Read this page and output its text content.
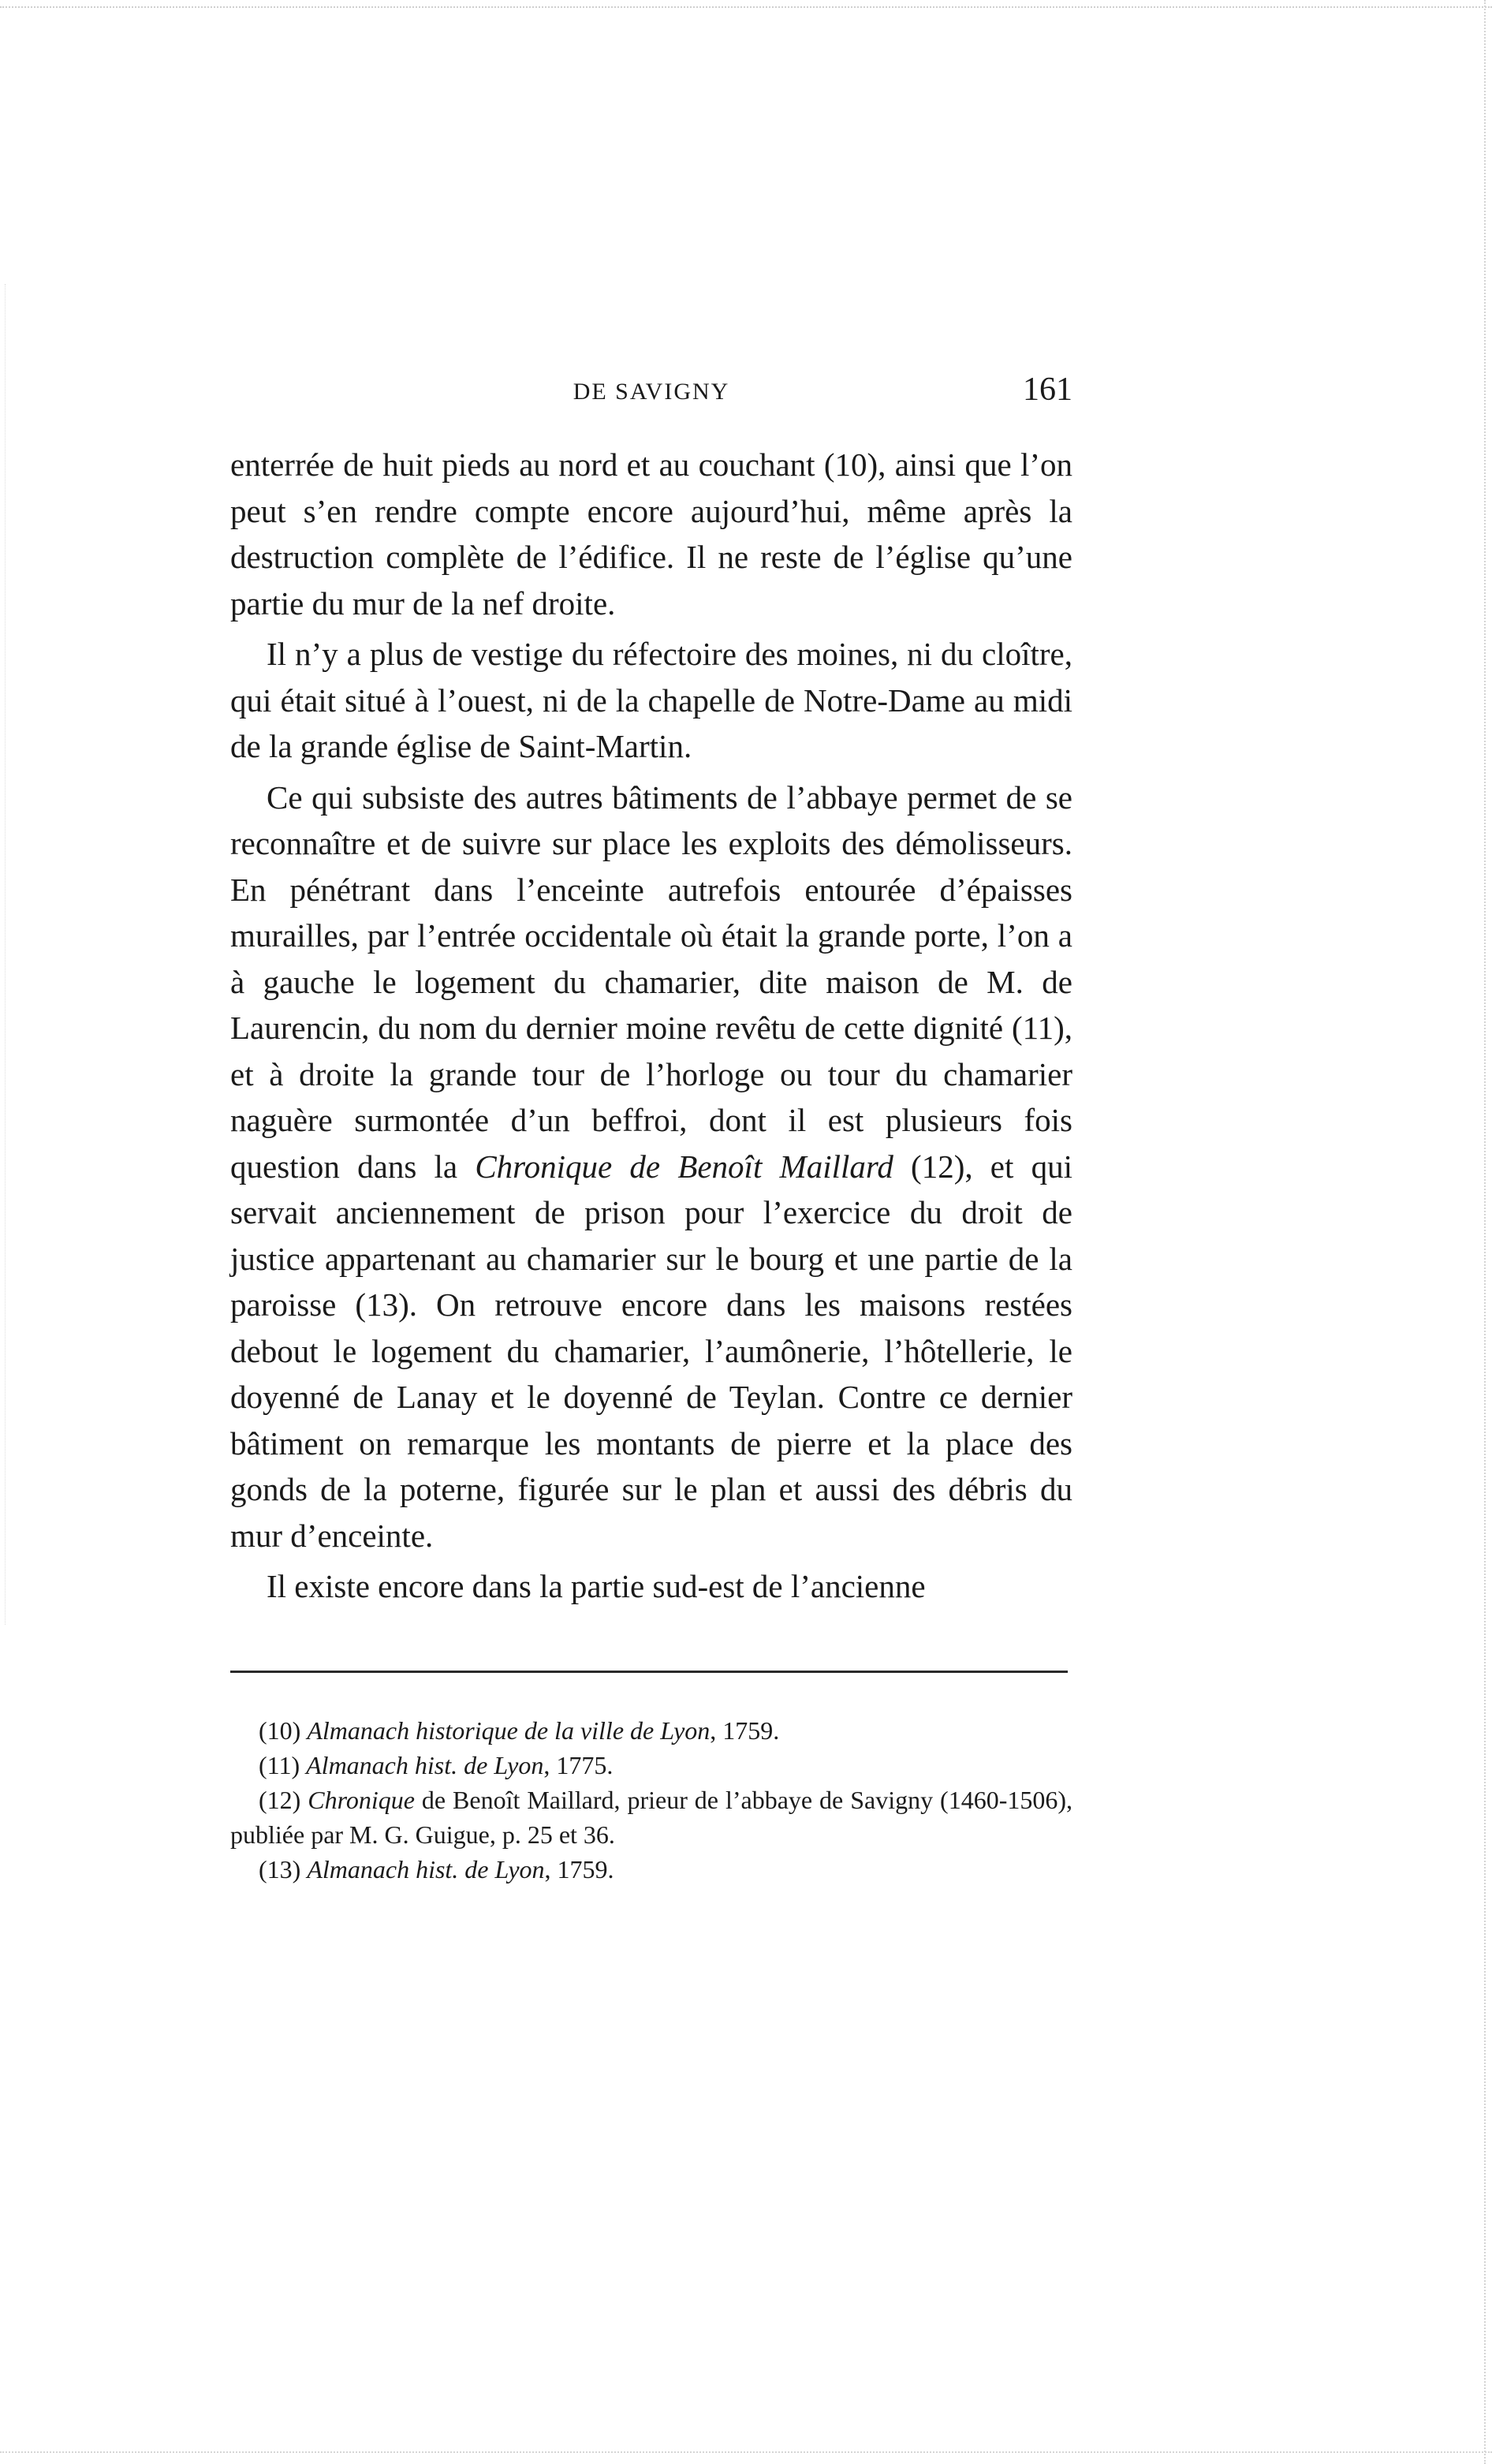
DE SAVIGNY	161

enterrée de huit pieds au nord et au couchant (10), ainsi que l’on peut s’en rendre compte encore aujourd’hui, même après la destruction complète de l’édifice. Il ne reste de l’église qu’une partie du mur de la nef droite.

Il n’y a plus de vestige du réfectoire des moines, ni du cloître, qui était situé à l’ouest, ni de la chapelle de Notre-Dame au midi de la grande église de Saint-Martin.

Ce qui subsiste des autres bâtiments de l’abbaye permet de se reconnaître et de suivre sur place les exploits des démolisseurs. En pénétrant dans l’enceinte autrefois entourée d’épaisses murailles, par l’entrée occidentale où était la grande porte, l’on a à gauche le logement du chamarier, dite maison de M. de Laurencin, du nom du dernier moine revêtu de cette dignité (11), et à droite la grande tour de l’horloge ou tour du chamarier naguère surmontée d’un beffroi, dont il est plusieurs fois question dans la Chronique de Benoît Maillard (12), et qui servait anciennement de prison pour l’exercice du droit de justice appartenant au chamarier sur le bourg et une partie de la paroisse (13). On retrouve encore dans les maisons restées debout le logement du chamarier, l’aumônerie, l’hôtellerie, le doyenné de Lanay et le doyenné de Teylan. Contre ce dernier bâtiment on remarque les montants de pierre et la place des gonds de la poterne, figurée sur le plan et aussi des débris du mur d’enceinte.

Il existe encore dans la partie sud-est de l’ancienne

(10) Almanach historique de la ville de Lyon, 1759.

(11) Almanach hist. de Lyon, 1775.

(12) Chronique de Benoît Maillard, prieur de l’abbaye de Savigny (1460-1506), publiée par M. G. Guigue, p. 25 et 36.

(13) Almanach hist. de Lyon, 1759.
